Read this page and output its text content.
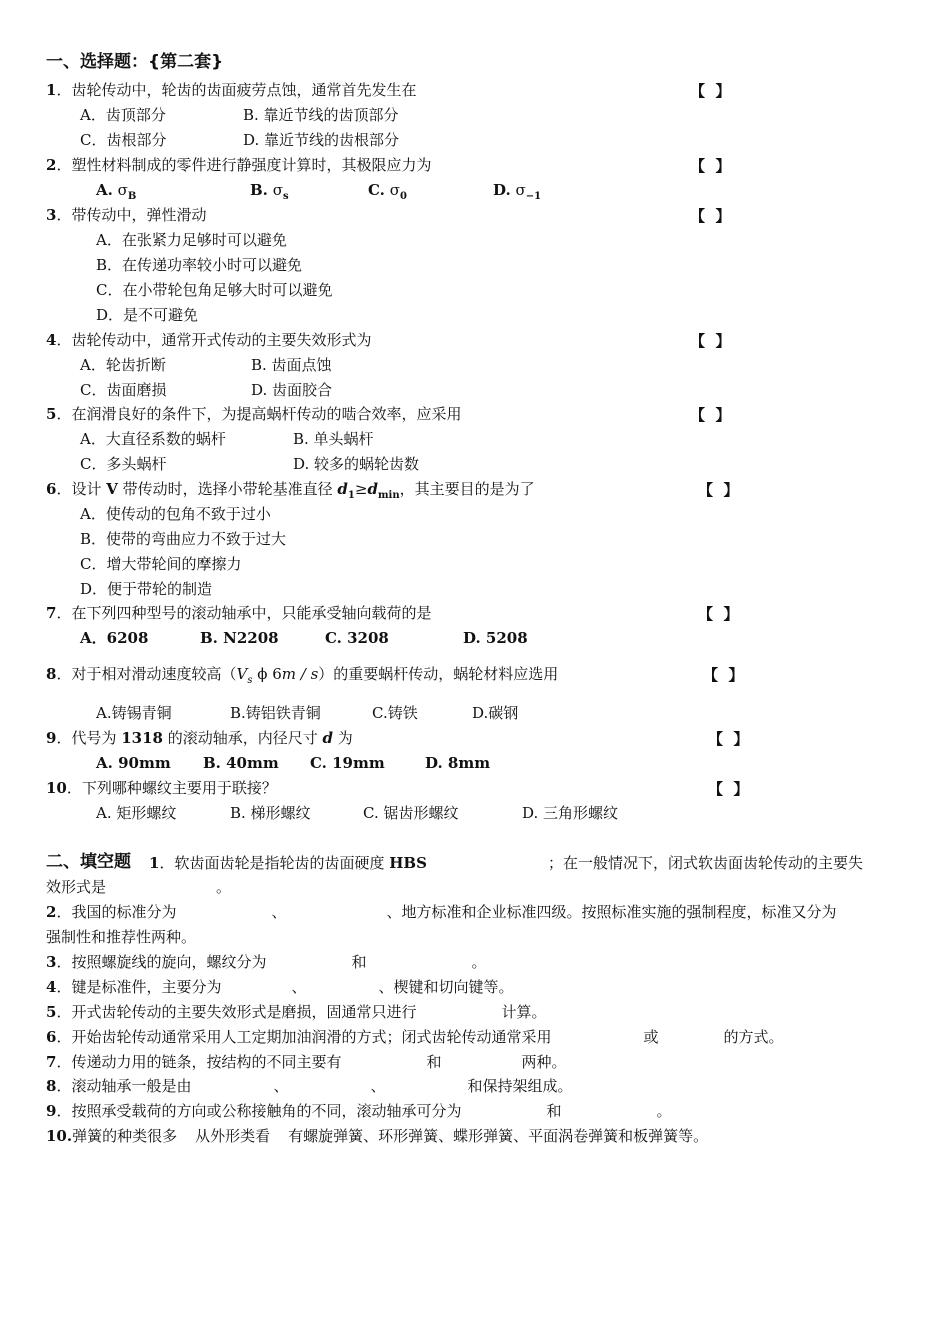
一、选择题：{第二套}
1．齿轮传动中，轮齿的齿面疲劳点蚀，通常首先发生在	【  】
A．齿顶部分	B. 靠近节线的齿顶部分
C．齿根部分	D. 靠近节线的齿根部分
2．塑性材料制成的零件进行静强度计算时，其极限应力为	【  】
A. $\sigma_B$	B. $\sigma_s$	C. $\sigma_0$	D. $\sigma_{-1}$
3．带传动中，弹性滑动	【  】
A．在张紧力足够时可以避免
B．在传递功率较小时可以避免
C．在小带轮包角足够大时可以避免
D．是不可避免
4．齿轮传动中，通常开式传动的主要失效形式为	【  】
A．轮齿折断	B. 齿面点蚀
C．齿面磨损	D. 齿面胶合
5．在润滑良好的条件下，为提高蜗杆传动的啮合效率，应采用	【  】
A．大直径系数的蜗杆	B. 单头蜗杆
C．多头蜗杆	D. 较多的蜗轮齿数
6．设计 V 带传动时，选择小带轮基准直径 $d_1\ge d_{min}$，其主要目的是为了	【  】
A．使传动的包角不致于过小
B．使带的弯曲应力不致于过大
C．增大带轮间的摩擦力
D．便于带轮的制造
7．在下列四种型号的滚动轴承中，只能承受轴向载荷的是	【  】
A．6208	B. N2208	C. 3208	D. 5208
8．对于相对滑动速度较高（$V_s$ ϕ 6m / s）的重要蜗杆传动，蜗轮材料应选用	【  】
A.铸锡青铜	B.铸铝铁青铜	C.铸铁	D.碳钢
9．代号为 1318 的滚动轴承，内径尺寸 d 为	【  】
A. 90mm B. 40mm C. 19mm	D. 8mm
10．下列哪种螺纹主要用于联接？	【  】
A. 矩形螺纹	B. 梯形螺纹	C. 锯齿形螺纹	D. 三角形螺纹
二、填空题 1．软齿面齿轮是指轮齿的齿面硬度 HBS	；在一般情况下，闭式软齿面齿轮传动的主要失
效形式是	。
2．我国的标准分为	、	、地方标准和企业标准四级。按照标准实施的强制程度，标准又分为
强制性和推荐性两种。
3．按照螺旋线的旋向，螺纹分为	和	。
4．键是标准件，主要分为	、	、楔键和切向键等。
5．开式齿轮传动的主要失效形式是磨损，固通常只进行	计算。
6．开始齿轮传动通常采用人工定期加油润滑的方式；闭式齿轮传动通常采用	或	的方式。
7．传递动力用的链条，按结构的不同主要有	和	两种。
8．滚动轴承一般是由	、	、	和保持架组成。
9．按照承受载荷的方向或公称接触角的不同，滚动轴承可分为	和	。
10.弹簧的种类很多 从外形类看 有螺旋弹簧、环形弹簧、蝶形弹簧、平面涡卷弹簧和板弹簧等。
